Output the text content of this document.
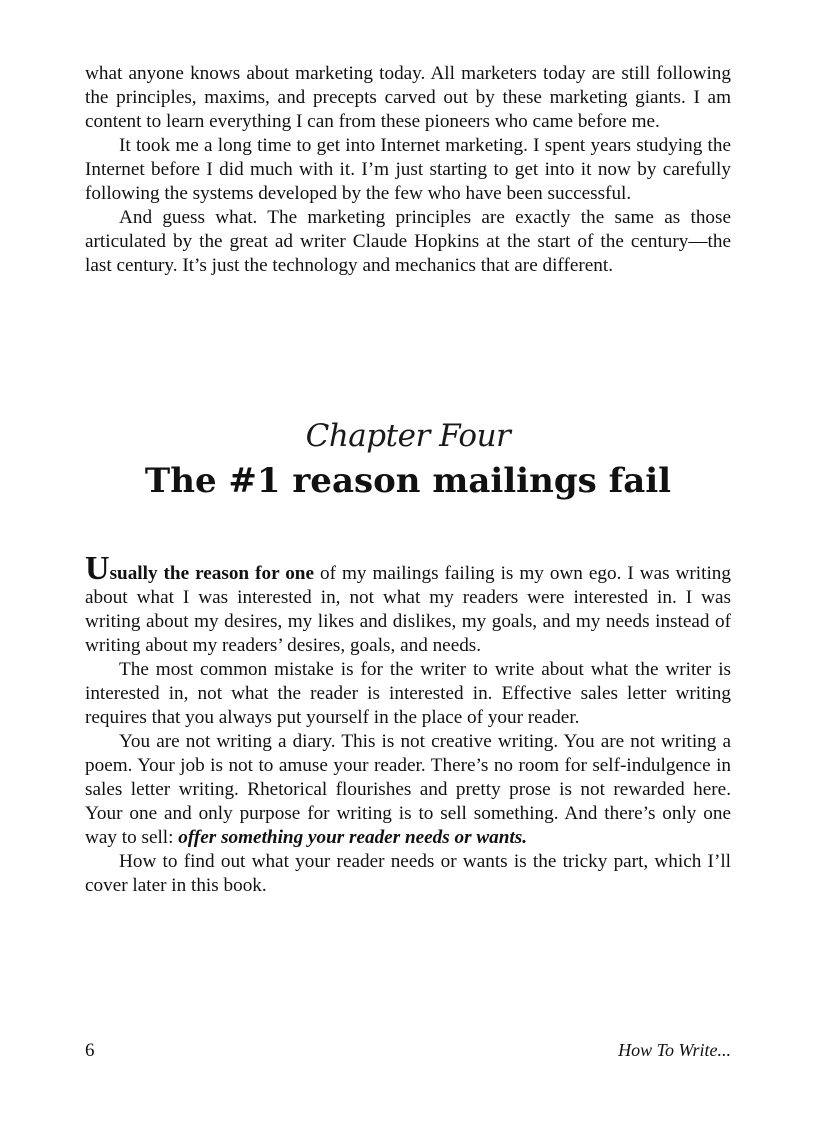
what anyone knows about marketing today. All marketers today are still following the principles, maxims, and precepts carved out by these marketing giants. I am content to learn everything I can from these pioneers who came before me.

It took me a long time to get into Internet marketing. I spent years studying the Internet before I did much with it. I’m just starting to get into it now by carefully following the systems developed by the few who have been successful.

And guess what. The marketing principles are exactly the same as those articulated by the great ad writer Claude Hopkins at the start of the century—the last century. It’s just the technology and mechanics that are different.

Chapter Four
The #1 reason mailings fail

Usually the reason for one of my mailings failing is my own ego. I was writing about what I was interested in, not what my readers were interested in. I was writing about my desires, my likes and dislikes, my goals, and my needs instead of writing about my readers’ desires, goals, and needs.

The most common mistake is for the writer to write about what the writer is interested in, not what the reader is interested in. Effective sales letter writing requires that you always put yourself in the place of your reader.

You are not writing a diary. This is not creative writing. You are not writing a poem. Your job is not to amuse your reader. There’s no room for self-indulgence in sales letter writing. Rhetorical flourishes and pretty prose is not rewarded here. Your one and only purpose for writing is to sell something. And there’s only one way to sell: offer something your reader needs or wants.

How to find out what your reader needs or wants is the tricky part, which I’ll cover later in this book.

6	How To Write...
